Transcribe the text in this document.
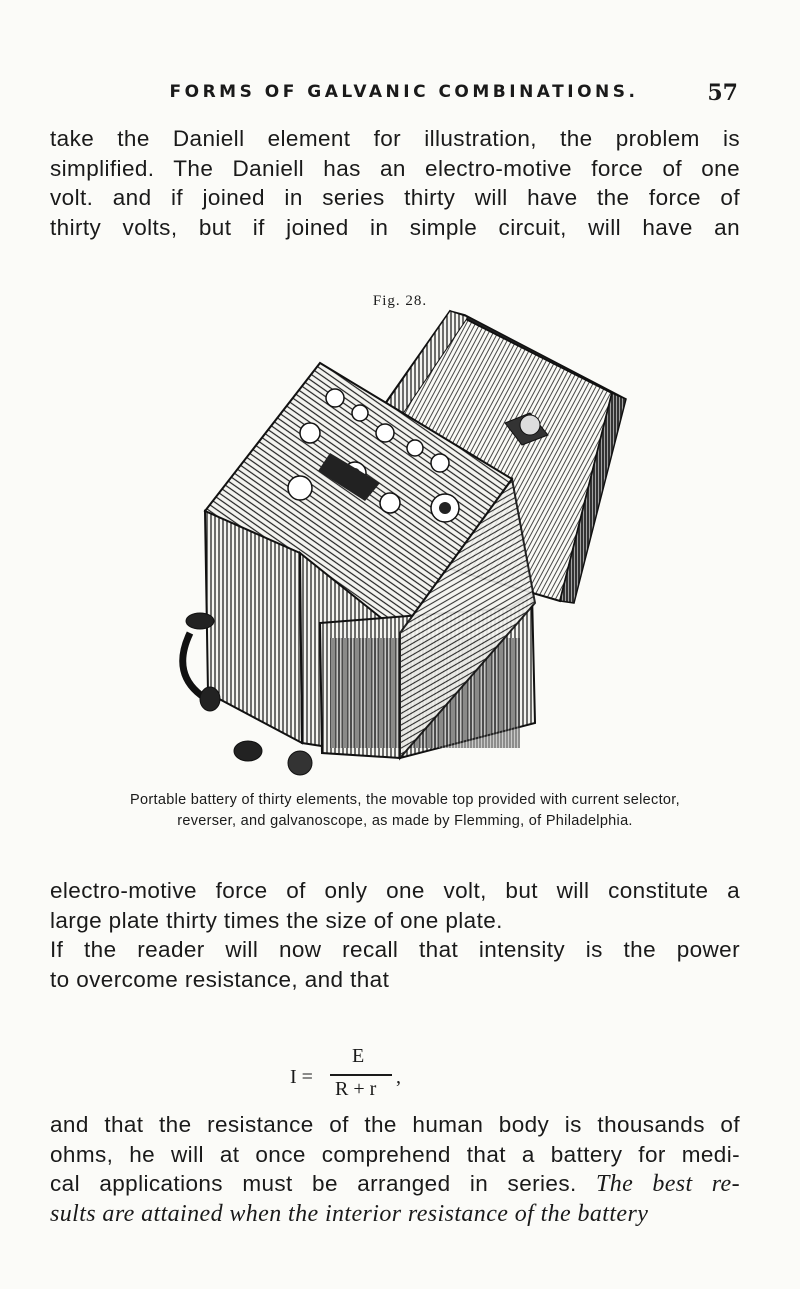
FORMS OF GALVANIC COMBINATIONS.	57
take the Daniell element for illustration, the problem is
simplified. The Daniell has an electro-motive force of one
volt. and if joined in series thirty will have the force of
thirty volts, but if joined in simple circuit, will have an
Fig. 28.
Portable battery of thirty elements, the movable top provided with current selector,
reverser, and galvanoscope, as made by Flemming, of Philadelphia.
electro-motive force of only one volt, but will constitute a
large plate thirty times the size of one plate.
If the reader will now recall that intensity is the power
to overcome resistance, and that
I =
E
R + r
,
and that the resistance of the human body is thousands of
ohms, he will at once comprehend that a battery for medi-
cal applications must be arranged in series. The best re-
sults are attained when the interior resistance of the battery
